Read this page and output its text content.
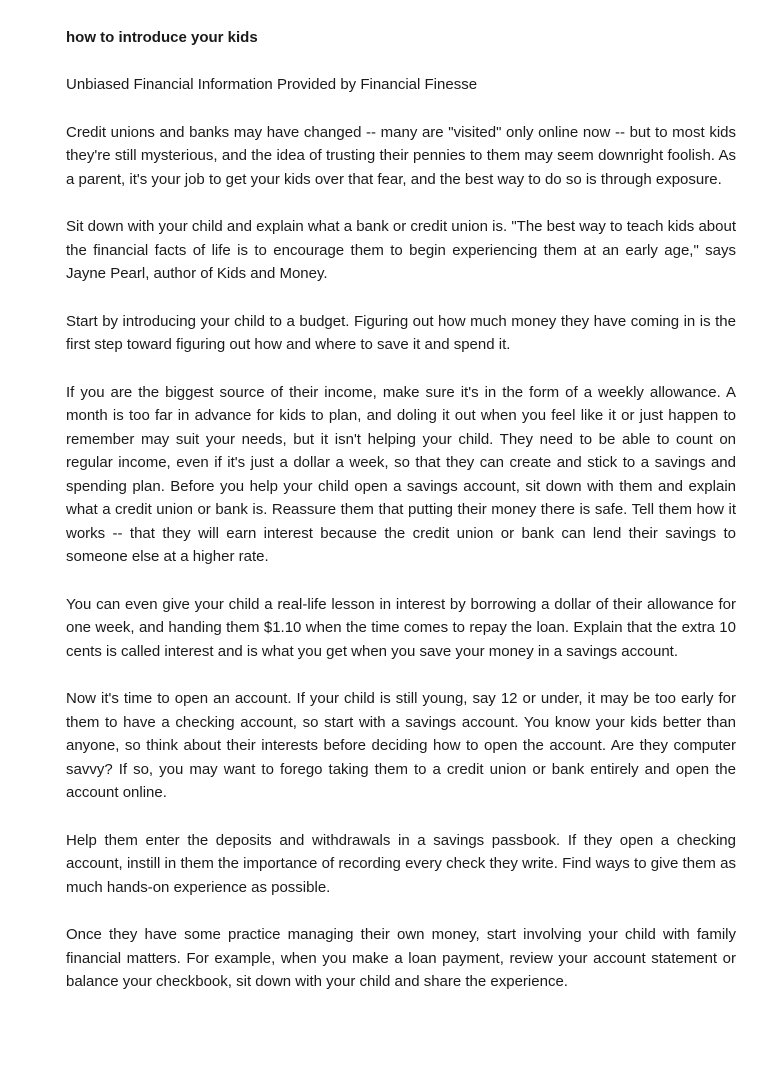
how to introduce your kids
Unbiased Financial Information Provided by Financial Finesse

Credit unions and banks may have changed -- many are "visited" only online now -- but to most kids they're still mysterious, and the idea of trusting their pennies to them may seem downright foolish. As a parent, it's your job to get your kids over that fear, and the best way to do so is through exposure.

Sit down with your child and explain what a bank or credit union is. "The best way to teach kids about the financial facts of life is to encourage them to begin experiencing them at an early age," says Jayne Pearl, author of Kids and Money.

Start by introducing your child to a budget. Figuring out how much money they have coming in is the first step toward figuring out how and where to save it and spend it.

If you are the biggest source of their income, make sure it's in the form of a weekly allowance. A month is too far in advance for kids to plan, and doling it out when you feel like it or just happen to remember may suit your needs, but it isn't helping your child. They need to be able to count on regular income, even if it's just a dollar a week, so that they can create and stick to a savings and spending plan. Before you help your child open a savings account, sit down with them and explain what a credit union or bank is. Reassure them that putting their money there is safe. Tell them how it works -- that they will earn interest because the credit union or bank can lend their savings to someone else at a higher rate.

You can even give your child a real-life lesson in interest by borrowing a dollar of their allowance for one week, and handing them $1.10 when the time comes to repay the loan. Explain that the extra 10 cents is called interest and is what you get when you save your money in a savings account.

Now it's time to open an account. If your child is still young, say 12 or under, it may be too early for them to have a checking account, so start with a savings account. You know your kids better than anyone, so think about their interests before deciding how to open the account. Are they computer savvy? If so, you may want to forego taking them to a credit union or bank entirely and open the account online.

Help them enter the deposits and withdrawals in a savings passbook. If they open a checking account, instill in them the importance of recording every check they write. Find ways to give them as much hands-on experience as possible.

Once they have some practice managing their own money, start involving your child with family financial matters. For example, when you make a loan payment, review your account statement or balance your checkbook, sit down with your child and share the experience.
